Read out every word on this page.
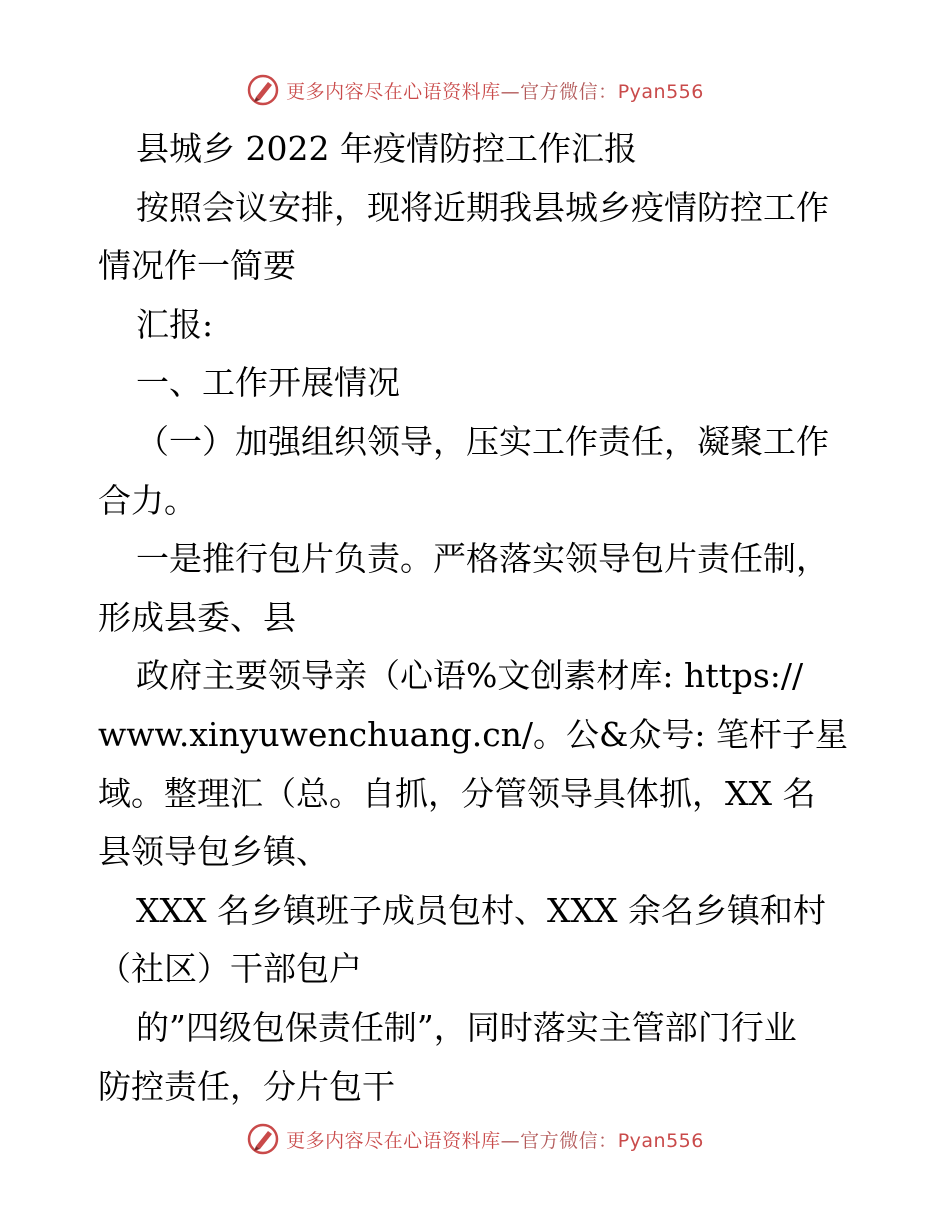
更多内容尽在心语资料库—官方微信：Pyan556
县城乡 2022 年疫情防控工作汇报
按照会议安排，现将近期我县城乡疫情防控工作
情况作一简要
汇报:
一、工作开展情况
（一）加强组织领导，压实工作责任，凝聚工作
合力。
一是推行包片负责。严格落实领导包片责任制，
形成县委、县
政府主要领导亲（心语%文创素材库: https://
www.xinyuwenchuang.cn/。公&众号: 笔杆子星
域。整理汇（总。自抓，分管领导具体抓，XX 名
县领导包乡镇、
XXX 名乡镇班子成员包村、XXX 余名乡镇和村
（社区）干部包户
的”四级包保责任制”，同时落实主管部门行业
防控责任，分片包干
更多内容尽在心语资料库—官方微信：Pyan556
